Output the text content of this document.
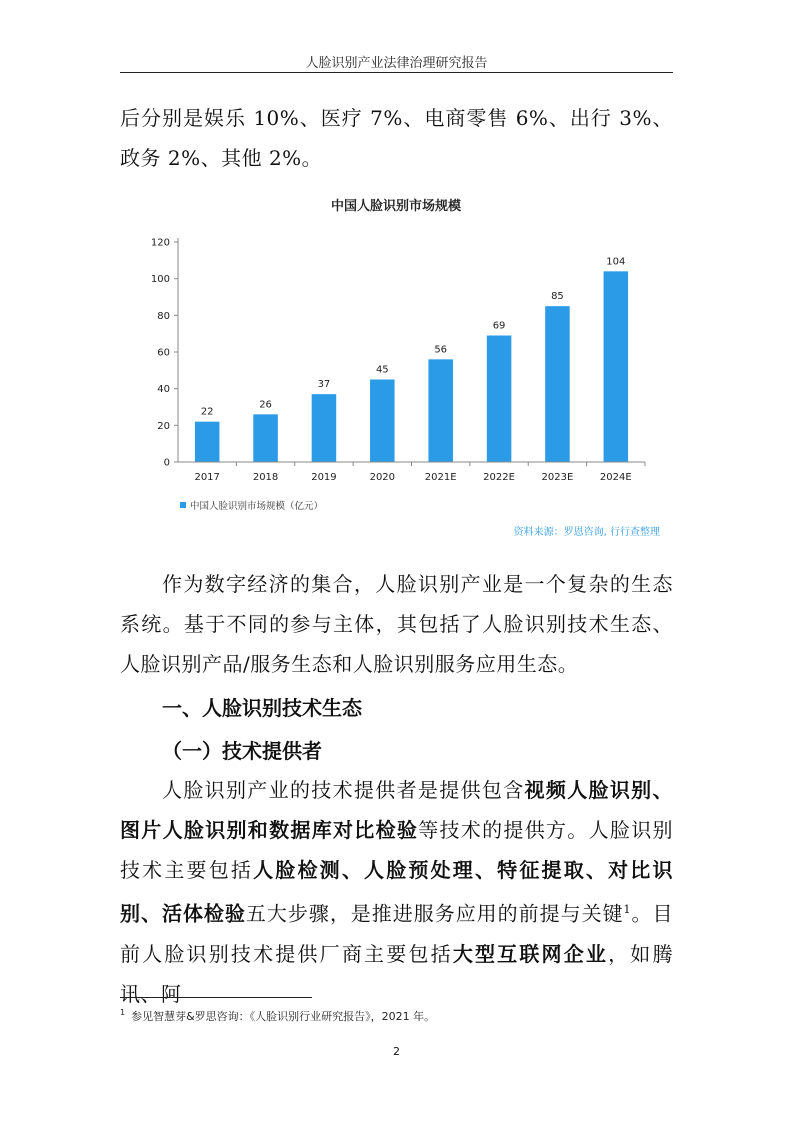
人脸识别产业法律治理研究报告

后分别是娱乐 10%、医疗 7%、电商零售 6%、出行 3%、政务 2%、其他 2%。

中国人脸识别市场规模
0
20
40
60
80
100
120
22
26
37
45
56
69
85
104
2017	2018	2019	2020	2021E	2022E	2023E	2024E
中国人脸识别市场规模（亿元）
资料来源：罗恩咨询, 行行查整理

作为数字经济的集合，人脸识别产业是一个复杂的生态系统。基于不同的参与主体，其包括了人脸识别技术生态、人脸识别产品/服务生态和人脸识别服务应用生态。

一、人脸识别技术生态
（一）技术提供者

人脸识别产业的技术提供者是提供包含视频人脸识别、图片人脸识别和数据库对比检验等技术的提供方。人脸识别技术主要包括人脸检测、人脸预处理、特征提取、对比识别、活体检验五大步骤，是推进服务应用的前提与关键$^1$。目前人脸识别技术提供厂商主要包括大型互联网企业，如腾讯、阿

$^1$ 参见智慧芽&罗思咨询：《人脸识别行业研究报告》，2021 年。
2
